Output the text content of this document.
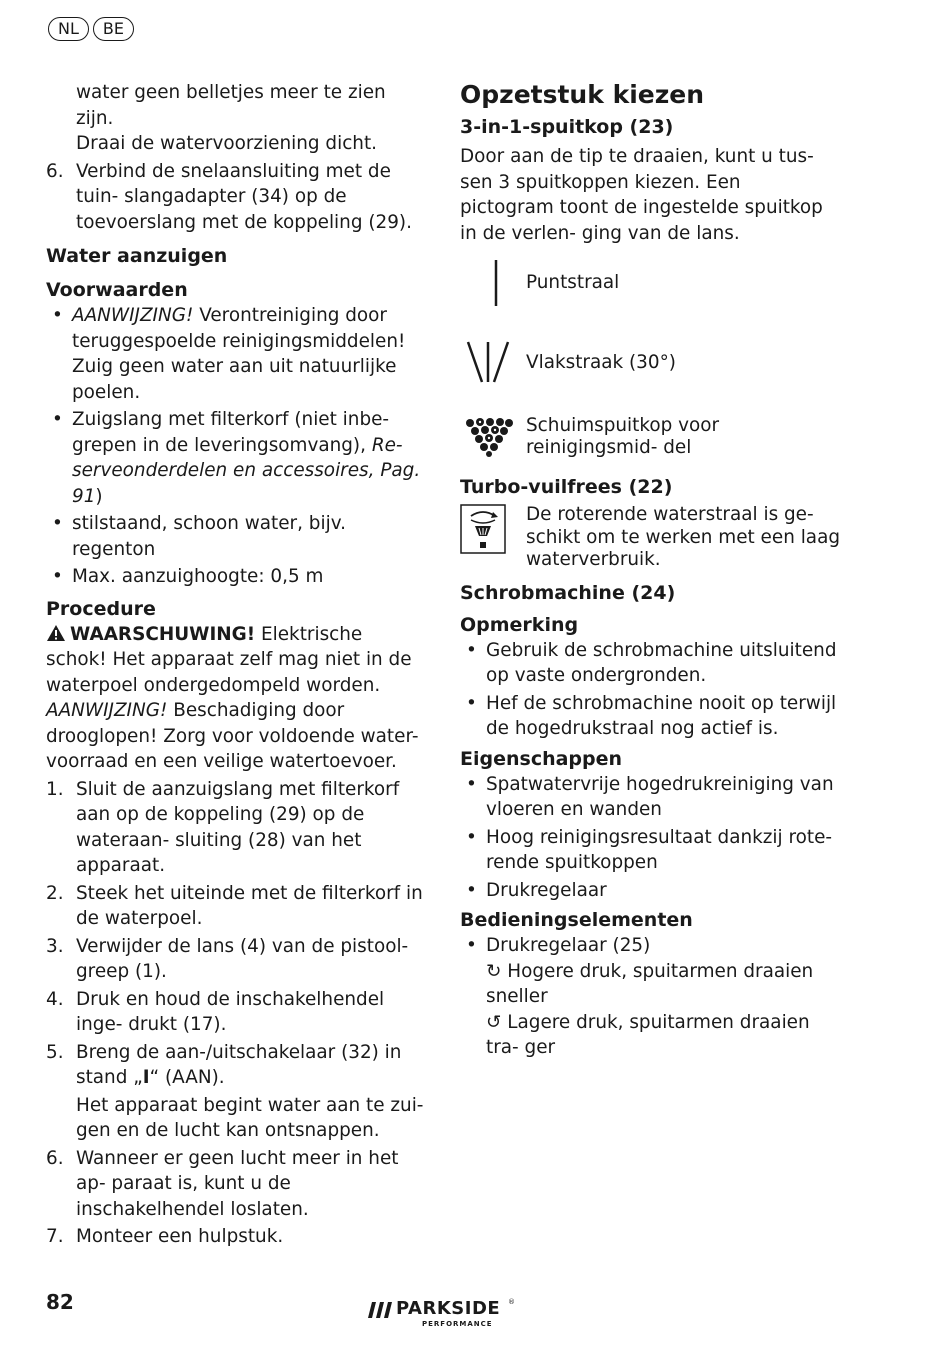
NL	BE

water geen belletjes meer te zien zijn.

Draai de watervoorziening dicht.

6. Verbind de snelaansluiting met de tuin- slangadapter (34) op de toevoerslang met de koppeling (29).
Water aanzuigen
Voorwaarden
• AANWIJZING! Verontreiniging door teruggespoelde reinigingsmiddelen! Zuig geen water aan uit natuurlijke poelen.
• Zuigslang met filterkorf (niet inbe- grepen in de leveringsomvang), Re- serveonderdelen en accessoires, Pag. 91)
• stilstaand, schoon water, bijv. regenton
• Max. aanzuighoogte: 0,5 m
Procedure

WAARSCHUWING! Elektrische schok! Het apparaat zelf mag niet in de waterpoel ondergedompeld worden.

AANWIJZING! Beschadiging door drooglopen! Zorg voor voldoende water- voorraad en een veilige watertoevoer.

1. Sluit de aanzuigslang met filterkorf aan op de koppeling (29) op de wateraan- sluiting (28) van het apparaat.
2. Steek het uiteinde met de filterkorf in de waterpoel.
3. Verwijder de lans (4) van de pistool- greep (1).
4. Druk en houd de inschakelhendel inge- drukt (17).
5. Breng de aan-/uitschakelaar (32) in stand „I“ (AAN).
Het apparaat begint water aan te zui- gen en de lucht kan ontsnappen.
6. Wanneer er geen lucht meer in het ap- paraat is, kunt u de inschakelhendel loslaten.
7. Monteer een hulpstuk.
Opzetstuk kiezen
3-in-1-spuitkop (23)

Door aan de tip te draaien, kunt u tus- sen 3 spuitkoppen kiezen. Een pictogram toont de ingestelde spuitkop in de verlen- ging van de lans.

Puntstraal
Vlakstraak (30°)
Schuimspuitkop voor reinigingsmid- del
Turbo-vuilfrees (22)
De roterende waterstraal is ge- schikt om te werken met een laag waterverbruik.
Schrobmachine (24)
Opmerking
• Gebruik de schrobmachine uitsluitend op vaste ondergronden.
• Hef de schrobmachine nooit op terwijl de hogedrukstraal nog actief is.
Eigenschappen
• Spatwatervrije hogedrukreiniging van vloeren en wanden
• Hoog reinigingsresultaat dankzij rote- rende spuitkoppen
• Drukregelaar
Bedieningselementen
• Drukregelaar (25)
↻ Hogere druk, spuitarmen draaien sneller
↺ Lagere druk, spuitarmen draaien tra- ger
82	PARKSIDE ®
PERFORMANCE
